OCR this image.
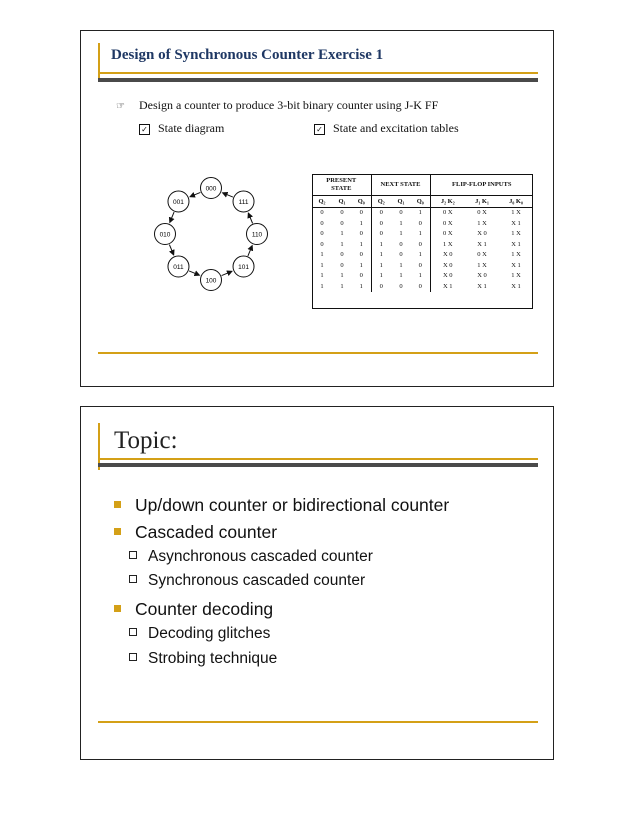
Design of Synchronous Counter Exercise 1
☞ Design a counter to produce 3-bit binary counter using J-K FF
✓ State diagram	✓ State and excitation tables
000
111
110
101
100
011
010
001
PRESENT
STATE			NEXT STATE			FLIP-FLOP INPUTS		
Q₂	Q₁	Q₀	Q₂	Q₁	Q₀	J₂ K₂	J₁ K₁	J₀ K₀
0	0	0	0	0	1	0 X	0 X	1 X
0	0	1	0	1	0	0 X	1 X	X 1
0	1	0	0	1	1	0 X	X 0	1 X
0	1	1	1	0	0	1 X	X 1	X 1
1	0	0	1	0	1	X 0	0 X	1 X
1	0	1	1	1	0	X 0	1 X	X 1
1	1	0	1	1	1	X 0	X 0	1 X
1	1	1	0	0	0	X 1	X 1	X 1
Topic:
Up/down counter or bidirectional counter
Cascaded counter
Asynchronous cascaded counter
Synchronous cascaded counter
Counter decoding
Decoding glitches
Strobing technique
